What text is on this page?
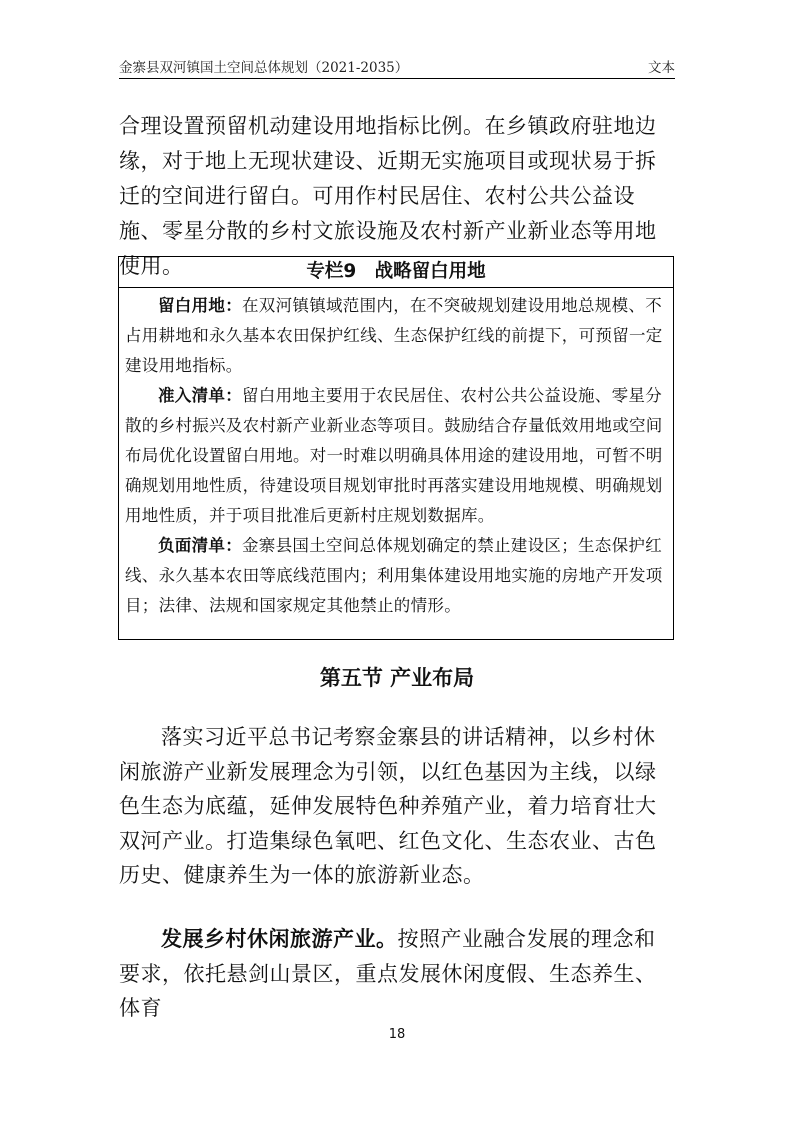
金寨县双河镇国土空间总体规划（2021-2035）	文本

合理设置预留机动建设用地指标比例。在乡镇政府驻地边缘，对于地上无现状建设、近期无实施项目或现状易于拆迁的空间进行留白。可用作村民居住、农村公共公益设施、零星分散的乡村文旅设施及农村新产业新业态等用地使用。	专栏9　战略留白用地

留白用地：在双河镇镇域范围内，在不突破规划建设用地总规模、不占用耕地和永久基本农田保护红线、生态保护红线的前提下，可预留一定建设用地指标。

准入清单：留白用地主要用于农民居住、农村公共公益设施、零星分散的乡村振兴及农村新产业新业态等项目。鼓励结合存量低效用地或空间布局优化设置留白用地。对一时难以明确具体用途的建设用地，可暂不明确规划用地性质，待建设项目规划审批时再落实建设用地规模、明确规划用地性质，并于项目批准后更新村庄规划数据库。

负面清单：金寨县国土空间总体规划确定的禁止建设区；生态保护红线、永久基本农田等底线范围内；利用集体建设用地实施的房地产开发项目；法律、法规和国家规定其他禁止的情形。

第五节 产业布局

落实习近平总书记考察金寨县的讲话精神，以乡村休闲旅游产业新发展理念为引领，以红色基因为主线，以绿色生态为底蕴，延伸发展特色种养殖产业，着力培育壮大双河产业。打造集绿色氧吧、红色文化、生态农业、古色历史、健康养生为一体的旅游新业态。

发展乡村休闲旅游产业。按照产业融合发展的理念和要求，依托悬剑山景区，重点发展休闲度假、生态养生、体育

18
